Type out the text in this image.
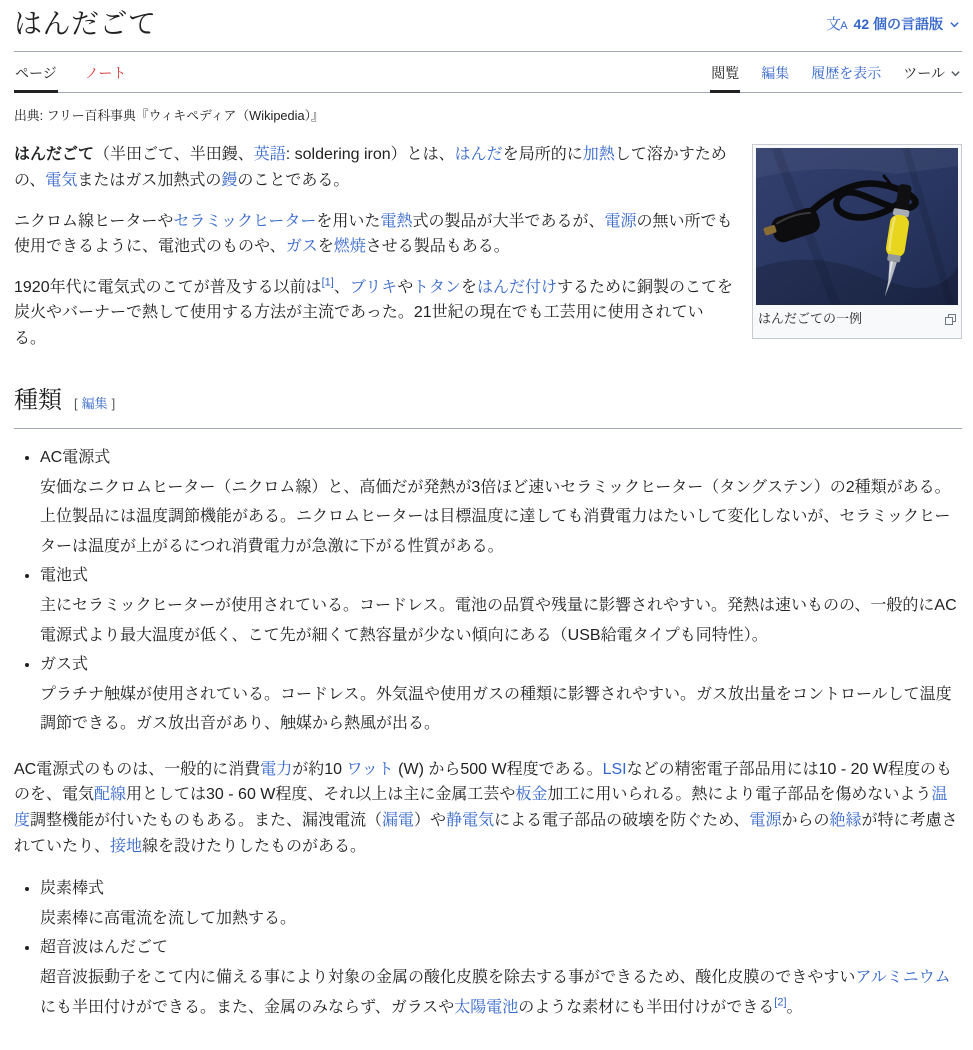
はんだごて	文 A 42 個の言語版
ページ ノート	閲覧 編集 履歴を表示 ツール
出典: フリー百科事典『ウィキペディア（Wikipedia）』
はんだごての一例

はんだごて（半田ごて、半田鏝、英語: soldering iron）とは、はんだを局所的に加熱して溶かすための、電気またはガス加熱式の鏝のことである。

ニクロム線ヒーターやセラミックヒーターを用いた電熱式の製品が大半であるが、電源の無い所でも使用できるように、電池式のものや、ガスを燃焼させる製品もある。

1920年代に電気式のこてが普及する以前は[1]、ブリキやトタンをはんだ付けするために銅製のこてを炭火やバーナーで熱して使用する方法が主流であった。21世紀の現在でも工芸用に使用されている。

種類 [ 編集 ]
• AC電源式
安価なニクロムヒーター（ニクロム線）と、高価だが発熱が3倍ほど速いセラミックヒーター（タングステン）の2種類がある。上位製品には温度調節機能がある。ニクロムヒーターは目標温度に達しても消費電力はたいして変化しないが、セラミックヒーターは温度が上がるにつれ消費電力が急激に下がる性質がある。
• 電池式
主にセラミックヒーターが使用されている。コードレス。電池の品質や残量に影響されやすい。発熱は速いものの、一般的にAC電源式より最大温度が低く、こて先が細くて熱容量が少ない傾向にある（USB給電タイプも同特性）。
• ガス式
プラチナ触媒が使用されている。コードレス。外気温や使用ガスの種類に影響されやすい。ガス放出量をコントロールして温度調節できる。ガス放出音があり、触媒から熱風が出る。

AC電源式のものは、一般的に消費電力が約10 ワット (W) から500 W程度である。LSIなどの精密電子部品用には10 - 20 W程度のものを、電気配線用としては30 - 60 W程度、それ以上は主に金属工芸や板金加工に用いられる。熱により電子部品を傷めないよう温度調整機能が付いたものもある。また、漏洩電流（漏電）や静電気による電子部品の破壊を防ぐため、電源からの絶縁が特に考慮されていたり、接地線を設けたりしたものがある。

• 炭素棒式
炭素棒に高電流を流して加熱する。
• 超音波はんだごて
超音波振動子をこて内に備える事により対象の金属の酸化皮膜を除去する事ができるため、酸化皮膜のできやすいアルミニウムにも半田付けができる。また、金属のみならず、ガラスや太陽電池のような素材にも半田付けができる[2]。
